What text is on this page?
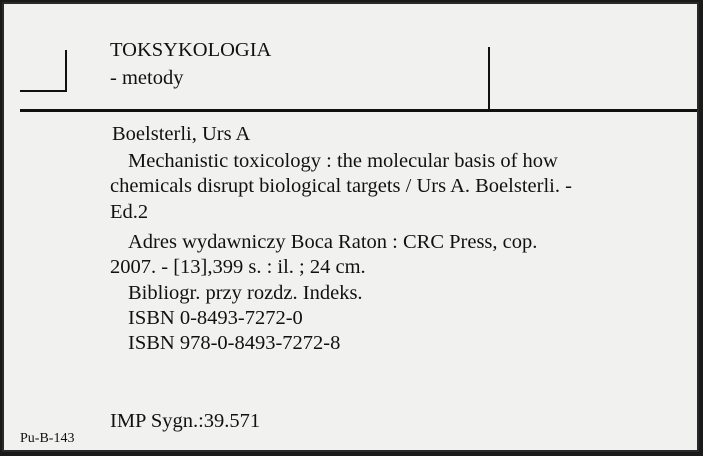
TOKSYKOLOGIA
- metody
Boelsterli, Urs A
Mechanistic toxicology : the molecular basis of how
chemicals disrupt biological targets / Urs A. Boelsterli. -
Ed.2
Adres wydawniczy Boca Raton : CRC Press, cop.
2007. - [13],399 s. : il. ; 24 cm.
Bibliogr. przy rozdz. Indeks.
ISBN 0-8493-7272-0
ISBN 978-0-8493-7272-8
IMP Sygn.:39.571
Pu-B-143
